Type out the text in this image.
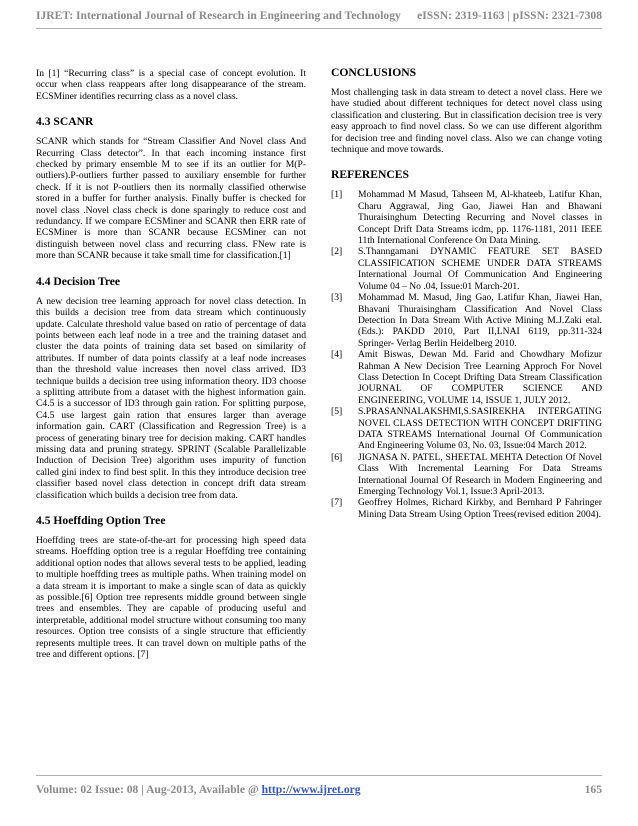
IJRET: International Journal of Research in Engineering and Technology eISSN: 2319-1163 | pISSN: 2321-7308

In [1] “Recurring class” is a special case of concept evolution. It occur when class reappears after long disappearance of the stream. ECSMiner identifies recurring class as a novel class.

4.3 SCANR

SCANR which stands for “Stream Classifier And Novel class And Recurring Class detector”. In that each incoming instance first checked by primary ensemble M to see if its an outlier for M(P-outliers).P-outliers further passed to auxiliary ensemble for further check. If it is not P-outliers then its normally classified otherwise stored in a buffer for further analysis. Finally buffer is checked for novel class .Novel class check is done sparingly to reduce cost and redundancy. If we compare ECSMiner and SCANR then ERR rate of ECSMiner is more than SCANR because ECSMiner can not distinguish between novel class and recurring class. FNew rate is more than SCANR because it take small time for classification.[1]

4.4 Decision Tree

A new decision tree learning approach for novel class detection. In this builds a decision tree from data stream which continuously update. Calculate threshold value based on ratio of percentage of data points between each leaf node in a tree and the training dataset and cluster the data points of training data set based on similarity of attributes. If number of data points classify at a leaf node increases than the threshold value increases then novel class arrived. ID3 technique builds a decision tree using information theory. ID3 choose a splitting attribute from a dataset with the highest information gain. C4.5 is a successor of ID3 through gain ration. For splitting purpose, C4.5 use largest gain ration that ensures larger than average information gain. CART (Classification and Regression Tree) is a process of generating binary tree for decision making. CART handles missing data and pruning strategy. SPRINT (Scalable Parallelizable Induction of Decision Tree) algorithm uses impurity of function called gini index to find best split. In this they introduce decision tree classifier based novel class detection in concept drift data stream classification which builds a decision tree from data.

4.5 Hoeffding Option Tree

Hoeffding trees are state-of-the-art for processing high speed data streams. Hoeffding option tree is a regular Hoeffding tree containing additional option nodes that allows several tests to be applied, leading to multiple hoeffding trees as multiple paths. When training model on a data stream it is important to make a single scan of data as quickly as possible.[6] Option tree represents middle ground between single trees and ensembles. They are capable of producing useful and interpretable, additional model structure without consuming too many resources. Option tree consists of a single structure that efficiently represents multiple trees. It can travel down on multiple paths of the tree and different options. [7]

CONCLUSIONS

Most challenging task in data stream to detect a novel class. Here we have studied about different techniques for detect novel class using classification and clustering. But in classification decision tree is very easy approach to find novel class. So we can use different algorithm for decision tree and finding novel class. Also we can change voting technique and move towards.

REFERENCES
[1]	Mohammad M Masud, Tahseen M, Al-khateeb, Latifur Khan, Charu Aggrawal, Jing Gao, Jiawei Han and Bhawani Thuraisinghum Detecting Recurring and Novel classes in Concept Drift Data Streams icdm, pp. 1176-1181, 2011 IEEE 11th International Conference On Data Mining.
[2]	S.Thanngamani DYNAMIC FEATURE SET BASED CLASSIFICATION SCHEME UNDER DATA STREAMS International Journal Of Communication And Engineering Volume 04 – No .04, Issue:01 March-201.
[3]	Mohammad M. Masud, Jing Gao, Latifur Khan, Jiawei Han, Bhavani Thuraisingham Classification And Novel Class Detection In Data Stream With Active Mining M.J.Zaki etal.(Eds.): PAKDD 2010, Part II,LNAI 6119, pp.311-324 Springer- Verlag Berlin Heidelberg 2010.
[4]	Amit Biswas, Dewan Md. Farid and Chowdhary Mofizur Rahman A New Decision Tree Learning Approch For Novel Class Detection In Cocept Drifting Data Stream Classification JOURNAL OF COMPUTER SCIENCE AND ENGINEERING, VOLUME 14, ISSUE 1, JULY 2012.
[5]	S.PRASANNALAKSHMI,S.SASIREKHA INTERGATING NOVEL CLASS DETECTION WITH CONCEPT DRIFTING DATA STREAMS International Journal Of Communication And Engineering Volume 03, No. 03, Issue:04 March 2012.
[6]	JIGNASA N. PATEL, SHEETAL MEHTA Detection Of Novel Class With Incremental Learning For Data Streams International Journal Of Research in Modern Engineering and Emerging Technology Vol.1, Issue:3 April-2013.
[7]	Geoffrey Holmes, Richard Kirkby, and Bernhard P Fahringer Mining Data Stream Using Option Trees(revised edition 2004).
Volume: 02 Issue: 08 | Aug-2013, Available @ http://www.ijret.org	165
